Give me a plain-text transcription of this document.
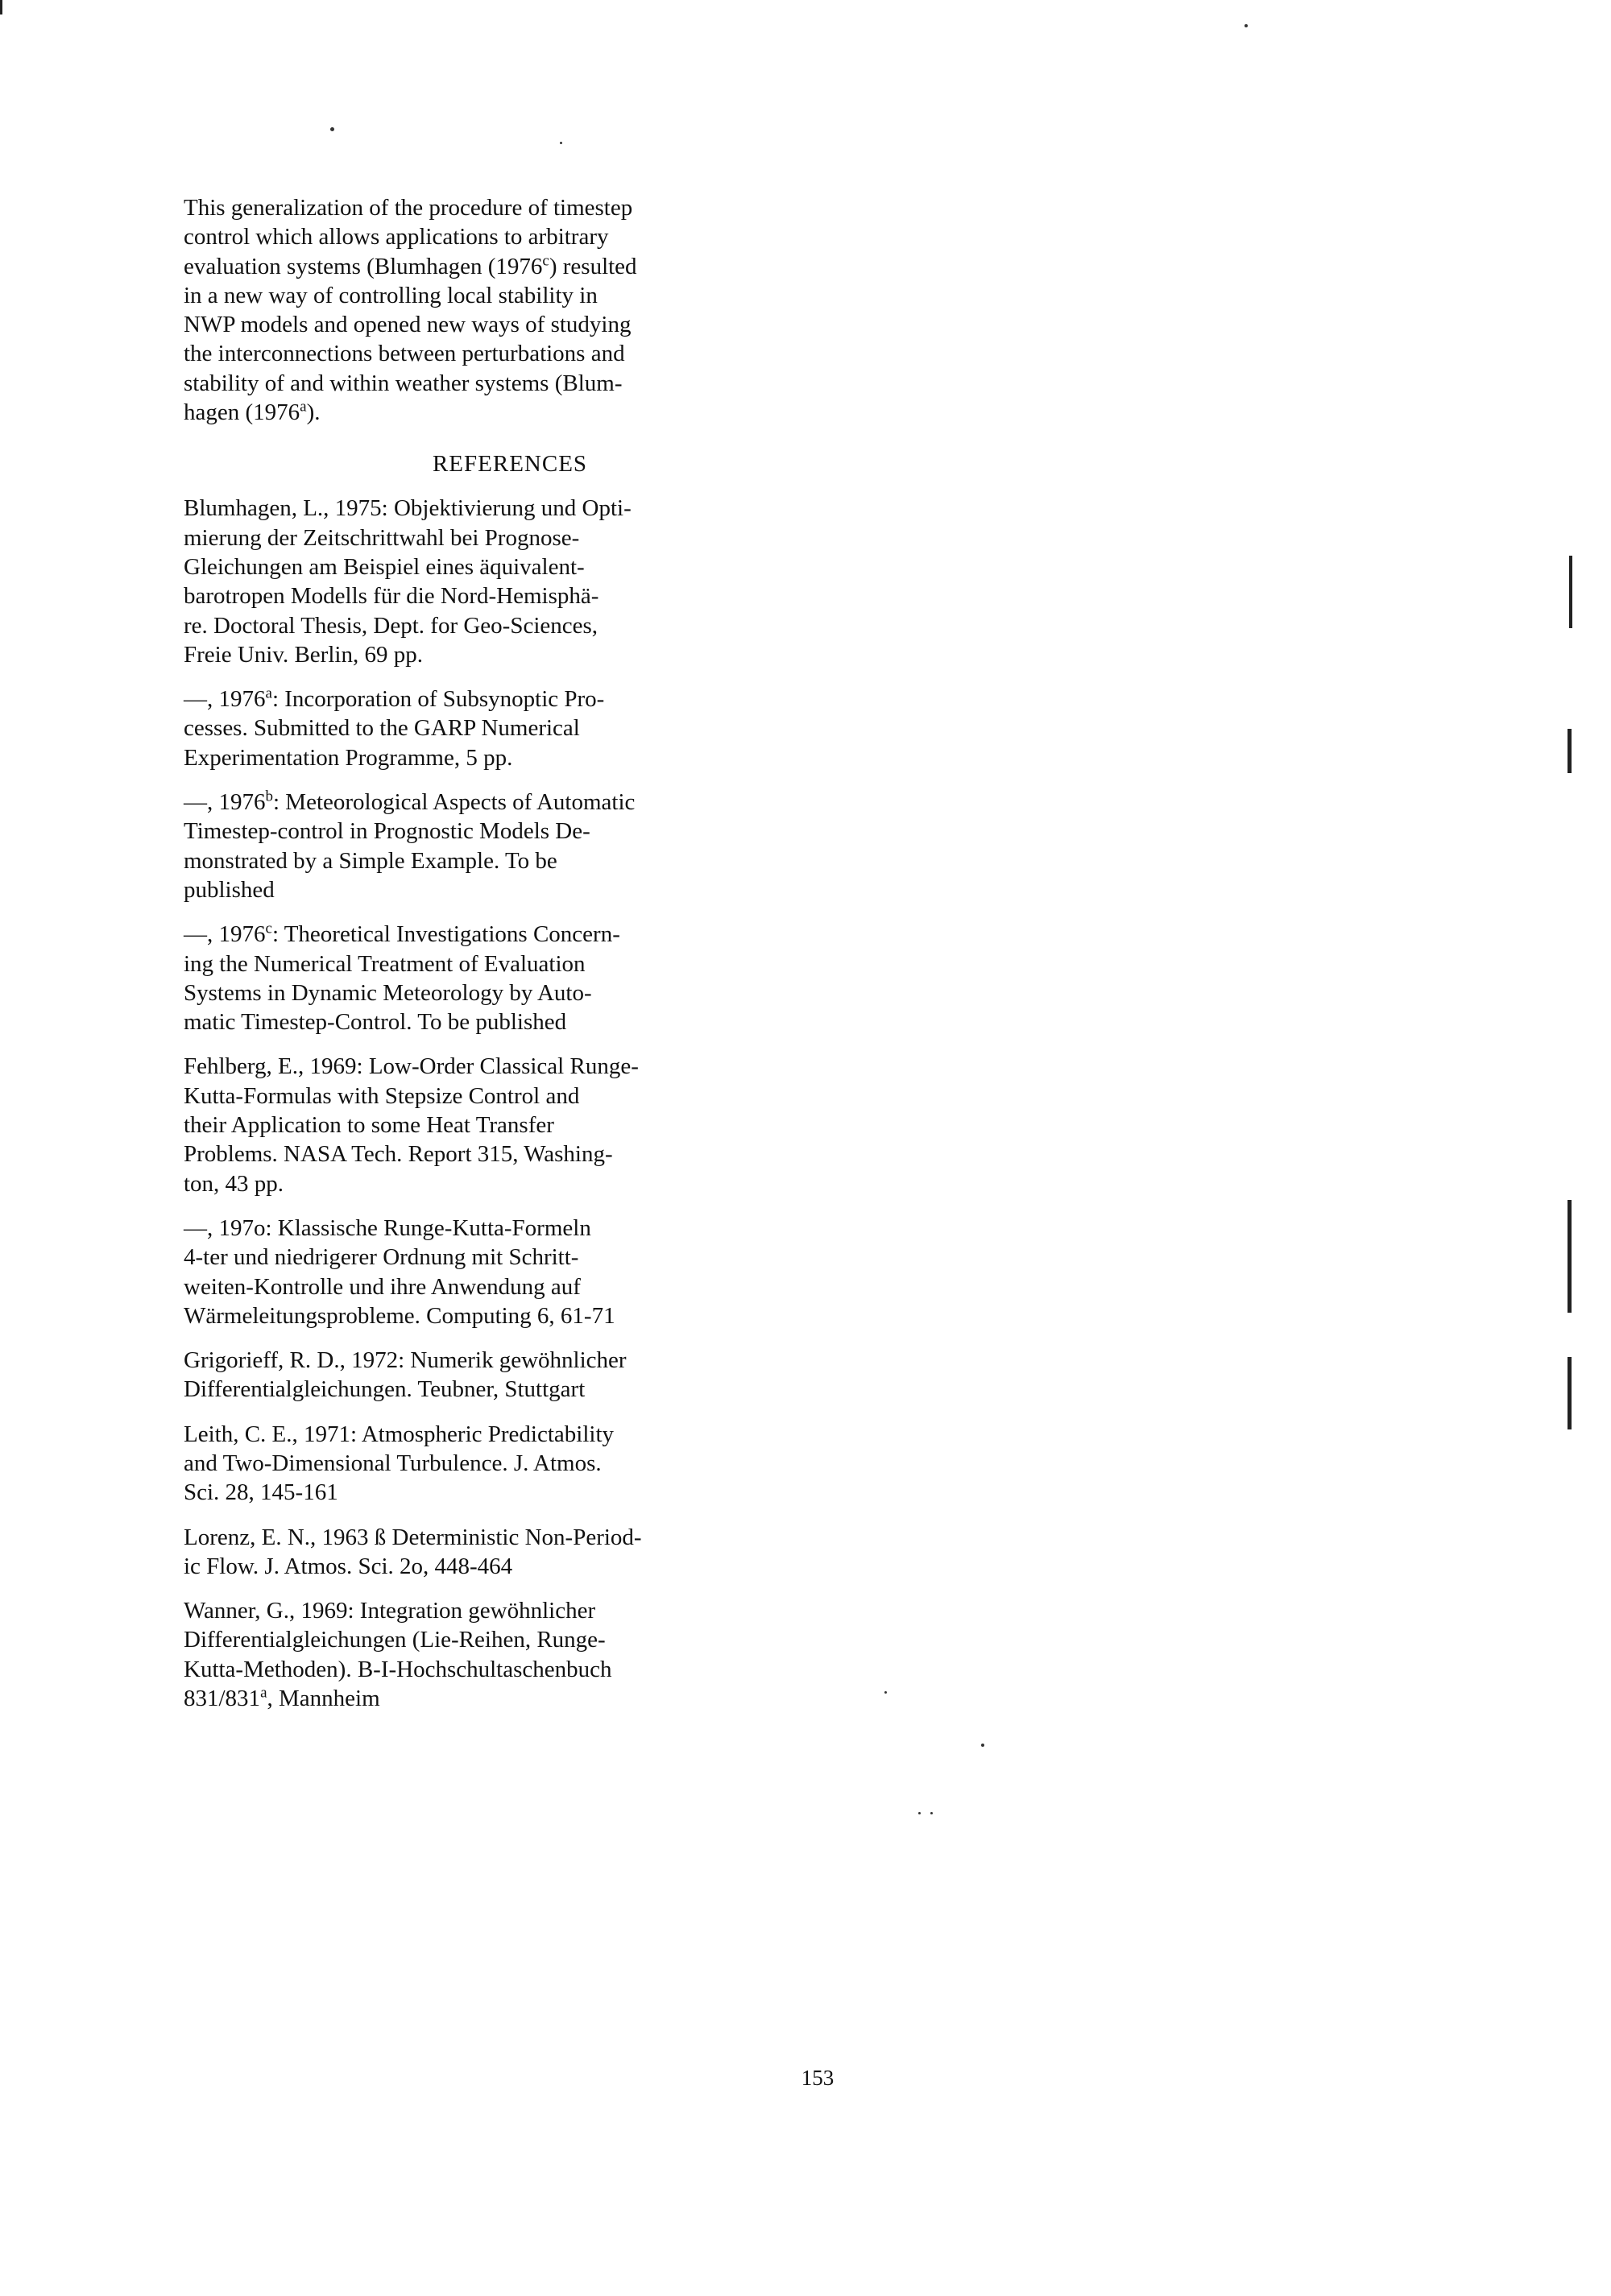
This generalization of the procedure of timestep

control which allows applications to arbitrary

evaluation systems (Blumhagen (1976$^c$) resulted

in a new way of controlling local stability in

NWP models and opened new ways of studying

the interconnections between perturbations and

stability of and within weather systems (Blum-

hagen (1976$^a$).

REFERENCES
Blumhagen, L., 1975: Objektivierung und Opti-
mierung der Zeitschrittwahl bei Prognose-
Gleichungen am Beispiel eines äquivalent-
barotropen Modells für die Nord-Hemisphä-
re. Doctoral Thesis, Dept. for Geo-Sciences,
Freie Univ. Berlin, 69 pp.
—, 1976$^a$: Incorporation of Subsynoptic Pro-
cesses. Submitted to the GARP Numerical
Experimentation Programme, 5 pp.
—, 1976$^b$: Meteorological Aspects of Automatic
Timestep-control in Prognostic Models De-
monstrated by a Simple Example. To be
published
—, 1976$^c$: Theoretical Investigations Concern-
ing the Numerical Treatment of Evaluation
Systems in Dynamic Meteorology by Auto-
matic Timestep-Control. To be published
Fehlberg, E., 1969: Low-Order Classical Runge-
Kutta-Formulas with Stepsize Control and
their Application to some Heat Transfer
Problems. NASA Tech. Report 315, Washing-
ton, 43 pp.
—, 197o: Klassische Runge-Kutta-Formeln
4-ter und niedrigerer Ordnung mit Schritt-
weiten-Kontrolle und ihre Anwendung auf
Wärmeleitungsprobleme. Computing 6, 61-71
Grigorieff, R. D., 1972: Numerik gewöhnlicher
Differentialgleichungen. Teubner, Stuttgart
Leith, C. E., 1971: Atmospheric Predictability
and Two-Dimensional Turbulence. J. Atmos.
Sci. 28, 145-161
Lorenz, E. N., 1963 ß Deterministic Non-Period-
ic Flow. J. Atmos. Sci. 2o, 448-464
Wanner, G., 1969: Integration gewöhnlicher
Differentialgleichungen (Lie-Reihen, Runge-
Kutta-Methoden). B-I-Hochschultaschenbuch
831/831$^a$, Mannheim
153
